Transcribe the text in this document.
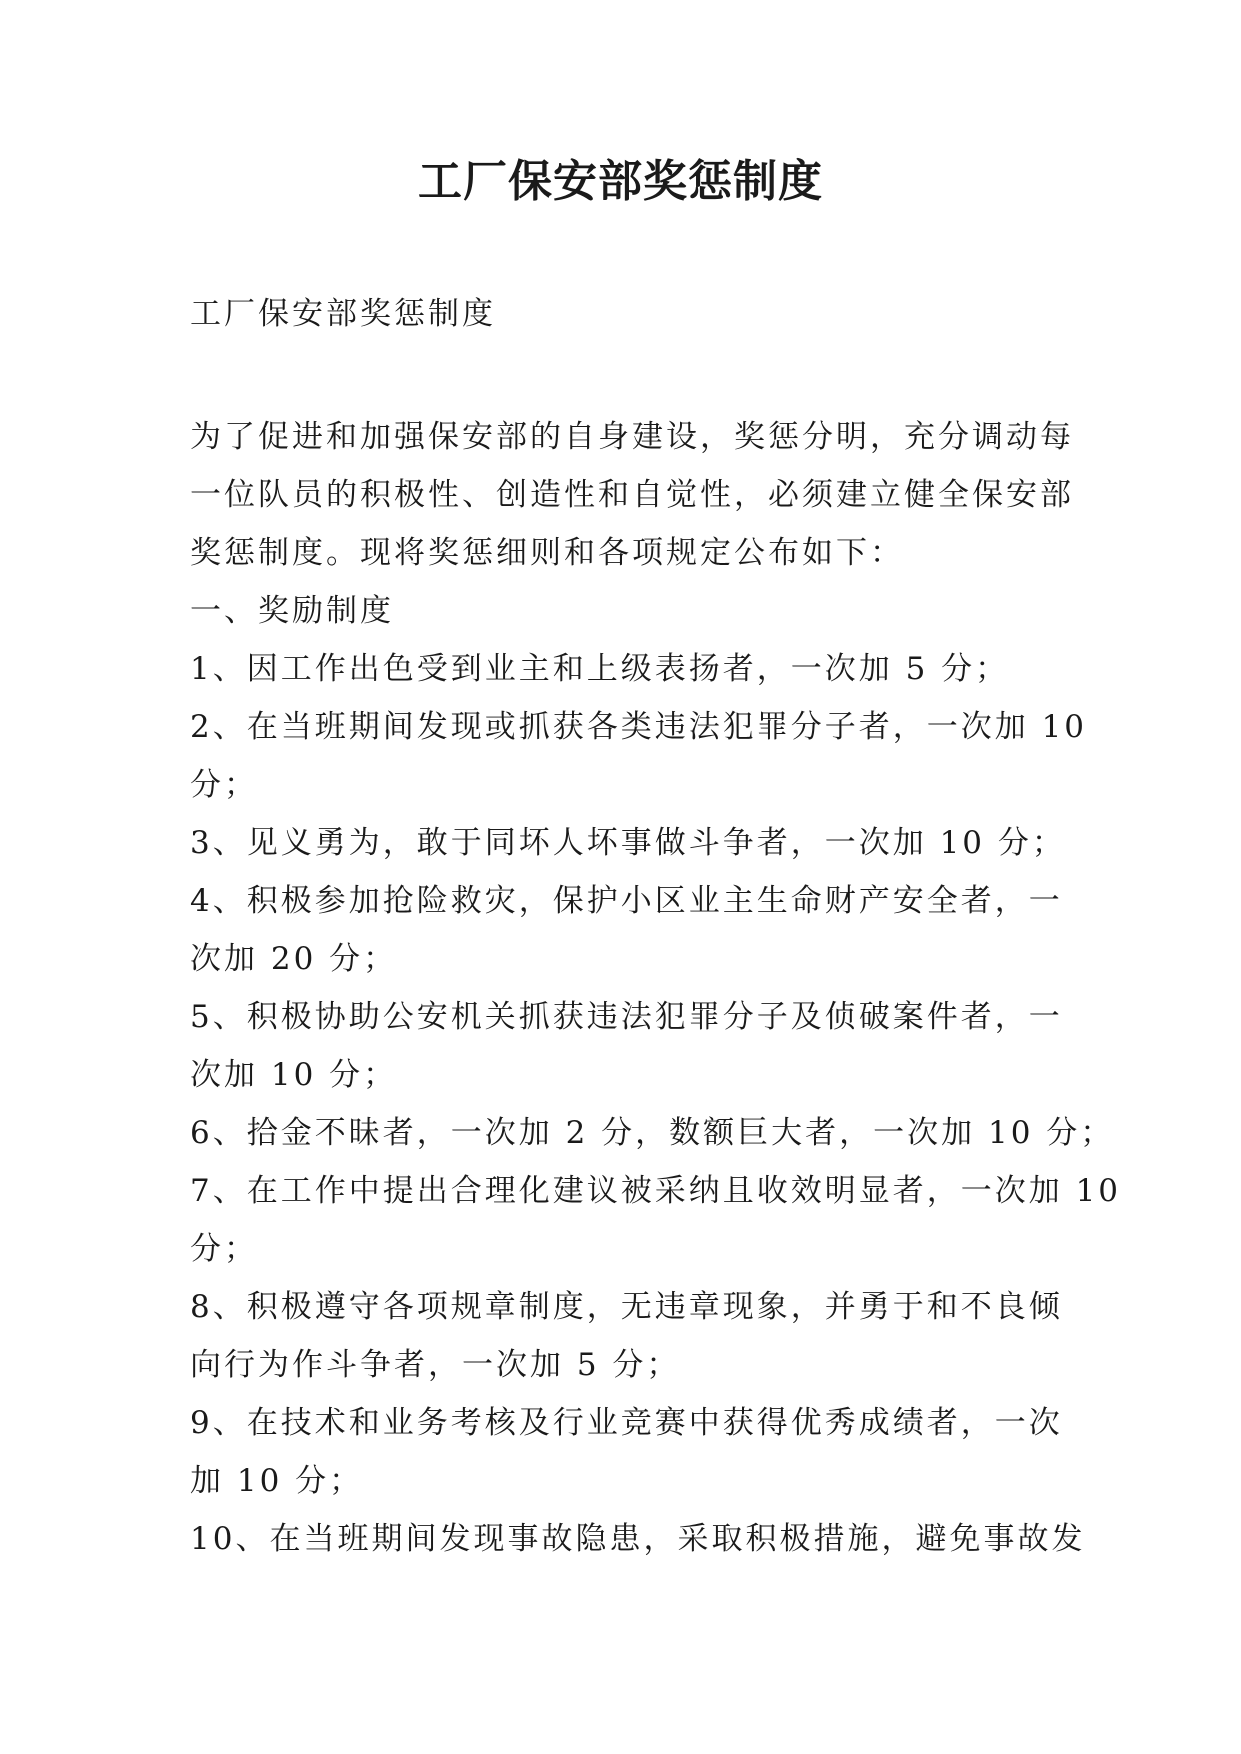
工厂保安部奖惩制度

工厂保安部奖惩制度

为了促进和加强保安部的自身建设，奖惩分明，充分调动每
一位队员的积极性、创造性和自觉性，必须建立健全保安部
奖惩制度。现将奖惩细则和各项规定公布如下：
一、奖励制度
1、因工作出色受到业主和上级表扬者，一次加 5 分；
2、在当班期间发现或抓获各类违法犯罪分子者，一次加 10
分；
3、见义勇为，敢于同坏人坏事做斗争者，一次加 10 分；
4、积极参加抢险救灾，保护小区业主生命财产安全者，一
次加 20 分；
5、积极协助公安机关抓获违法犯罪分子及侦破案件者，一
次加 10 分；
6、拾金不昧者，一次加 2 分，数额巨大者，一次加 10 分；
7、在工作中提出合理化建议被采纳且收效明显者，一次加 10
分；
8、积极遵守各项规章制度，无违章现象，并勇于和不良倾
向行为作斗争者，一次加 5 分；
9、在技术和业务考核及行业竞赛中获得优秀成绩者，一次
加 10 分；
10、在当班期间发现事故隐患，采取积极措施，避免事故发
